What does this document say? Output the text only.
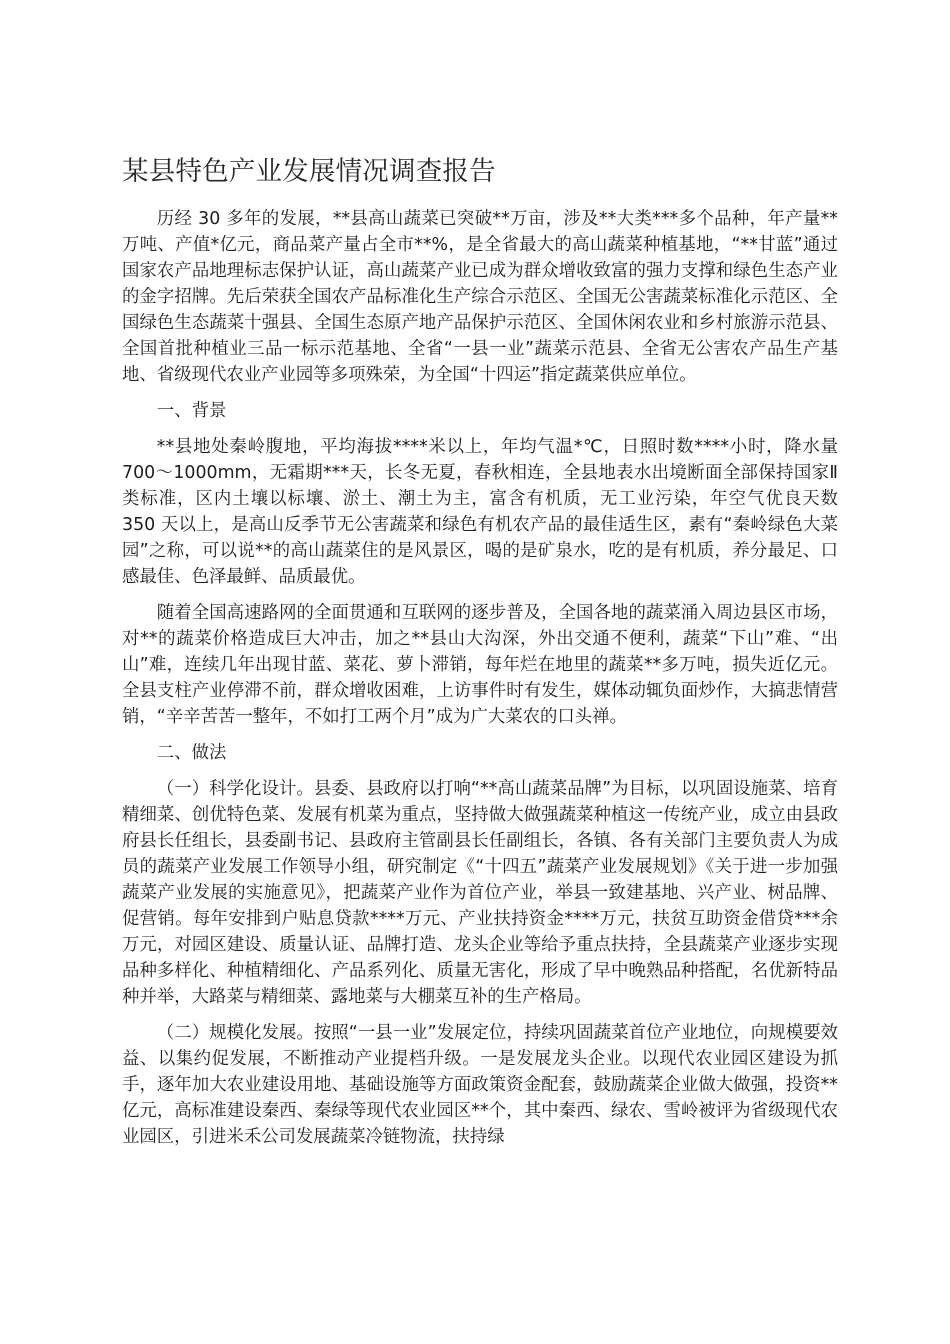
某县特色产业发展情况调查报告

历经 30 多年的发展，**县高山蔬菜已突破**万亩，涉及**大类***多个品种，年产量**万吨、产值*亿元，商品菜产量占全市**%，是全省最大的高山蔬菜种植基地，“**甘蓝”通过国家农产品地理标志保护认证，高山蔬菜产业已成为群众增收致富的强力支撑和绿色生态产业的金字招牌。先后荣获全国农产品标准化生产综合示范区、全国无公害蔬菜标准化示范区、全国绿色生态蔬菜十强县、全国生态原产地产品保护示范区、全国休闲农业和乡村旅游示范县、全国首批种植业三品一标示范基地、全省“一县一业”蔬菜示范县、全省无公害农产品生产基地、省级现代农业产业园等多项殊荣，为全国“十四运”指定蔬菜供应单位。

一、背景

**县地处秦岭腹地，平均海拔****米以上，年均气温*℃，日照时数****小时，降水量 700～1000mm，无霜期***天，长冬无夏，春秋相连，全县地表水出境断面全部保持国家Ⅱ类标准，区内土壤以标壤、淤土、潮土为主，富含有机质，无工业污染，年空气优良天数 350 天以上，是高山反季节无公害蔬菜和绿色有机农产品的最佳适生区，素有“秦岭绿色大菜园”之称，可以说**的高山蔬菜住的是风景区，喝的是矿泉水，吃的是有机质，养分最足、口感最佳、色泽最鲜、品质最优。

随着全国高速路网的全面贯通和互联网的逐步普及，全国各地的蔬菜涌入周边县区市场，对**的蔬菜价格造成巨大冲击，加之**县山大沟深，外出交通不便利，蔬菜“下山”难、“出山”难，连续几年出现甘蓝、菜花、萝卜滞销，每年烂在地里的蔬菜**多万吨，损失近亿元。全县支柱产业停滞不前，群众增收困难，上访事件时有发生，媒体动辄负面炒作，大搞悲情营销，“辛辛苦苦一整年，不如打工两个月”成为广大菜农的口头禅。

二、做法

（一）科学化设计。县委、县政府以打响“**高山蔬菜品牌”为目标，以巩固设施菜、培育精细菜、创优特色菜、发展有机菜为重点，坚持做大做强蔬菜种植这一传统产业，成立由县政府县长任组长，县委副书记、县政府主管副县长任副组长，各镇、各有关部门主要负责人为成员的蔬菜产业发展工作领导小组，研究制定《“十四五”蔬菜产业发展规划》《关于进一步加强蔬菜产业发展的实施意见》，把蔬菜产业作为首位产业，举县一致建基地、兴产业、树品牌、促营销。每年安排到户贴息贷款****万元、产业扶持资金****万元，扶贫互助资金借贷***余万元，对园区建设、质量认证、品牌打造、龙头企业等给予重点扶持，全县蔬菜产业逐步实现品种多样化、种植精细化、产品系列化、质量无害化，形成了早中晚熟品种搭配，名优新特品种并举，大路菜与精细菜、露地菜与大棚菜互补的生产格局。

（二）规模化发展。按照“一县一业”发展定位，持续巩固蔬菜首位产业地位，向规模要效益、以集约促发展，不断推动产业提档升级。一是发展龙头企业。以现代农业园区建设为抓手，逐年加大农业建设用地、基础设施等方面政策资金配套，鼓励蔬菜企业做大做强，投资**亿元，高标准建设秦西、秦绿等现代农业园区**个，其中秦西、绿农、雪岭被评为省级现代农业园区，引进米禾公司发展蔬菜冷链物流，扶持绿
